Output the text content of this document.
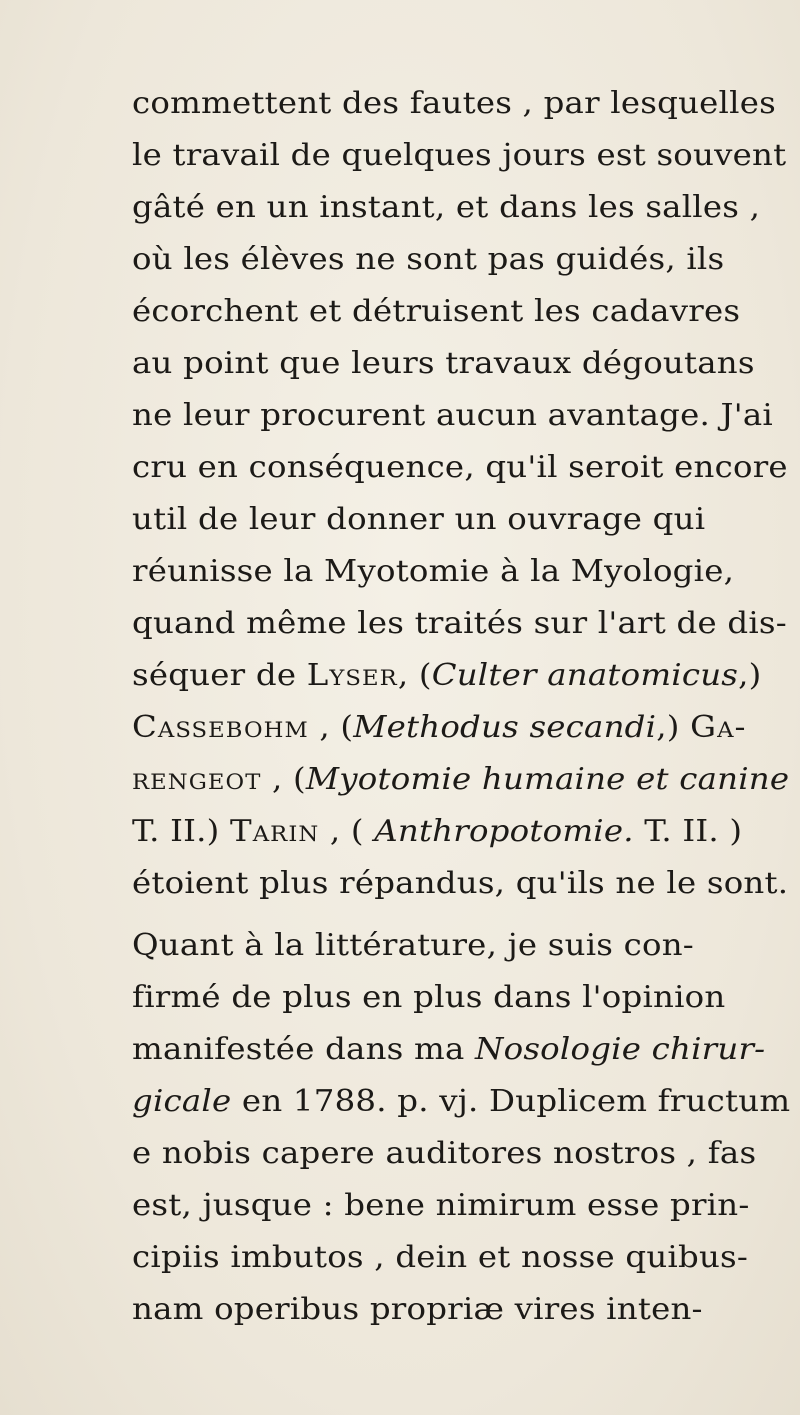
commettent des fautes , par lesquelles
le travail de quelques jours est souvent
gâté en un instant, et dans les salles ,
où les élèves ne sont pas guidés, ils
écorchent et détruisent les cadavres
au point que leurs travaux dégoutans
ne leur procurent aucun avantage. J'ai
cru en conséquence, qu'il seroit encore
util de leur donner un ouvrage qui
réunisse la Myotomie à la Myologie,
quand même les traités sur l'art de dis-
séquer de Lyser, (Culter anatomicus,)
Cassebohm , (Methodus secandi,) Ga-
rengeot , (Myotomie humaine et canine
T. II.) Tarin , ( Anthropotomie. T. II. )
étoient plus répandus, qu'ils ne le sont.
Quant à la littérature, je suis con-
firmé de plus en plus dans l'opinion
manifestée dans ma Nosologie chirur-
gicale en 1788. p. vj. Duplicem fructum
e nobis capere auditores nostros , fas
est, jusque : bene nimirum esse prin-
cipiis imbutos , dein et nosse quibus-
nam operibus propriæ vires inten-
